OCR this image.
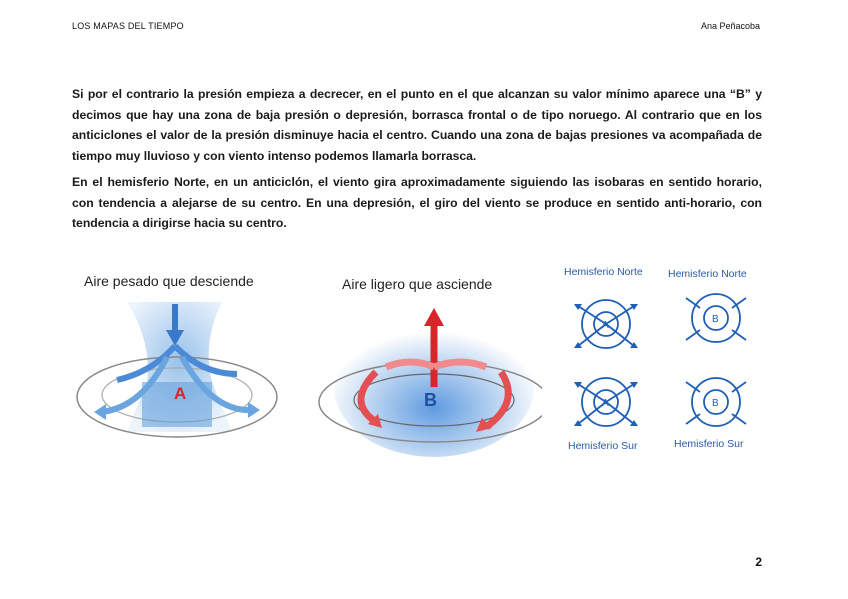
LOS MAPAS DEL TIEMPO	Ana Peñacoba
Si por el contrario la presión empieza a decrecer, en el punto en el que alcanzan su valor mínimo aparece una “B” y decimos que hay una zona de baja presión o depresión, borrasca frontal o de tipo noruego. Al contrario que en los anticiclones el valor de la presión disminuye hacia el centro. Cuando una zona de bajas presiones va acompañada de tiempo muy lluvioso y con viento intenso podemos llamarla borrasca.
En el hemisferio Norte, en un anticiclón, el viento gira aproximadamente siguiendo las isobaras en sentido horario, con tendencia a alejarse de su centro. En una depresión, el giro del viento se produce en sentido anti-horario, con tendencia a dirigirse hacia su centro.
Aire pesado que desciende
A
Aire ligero que asciende
B
Hemisferio Norte Hemisferio Norte
Hemisferio Sur	Hemisferio Sur
A
B
A	B
2
